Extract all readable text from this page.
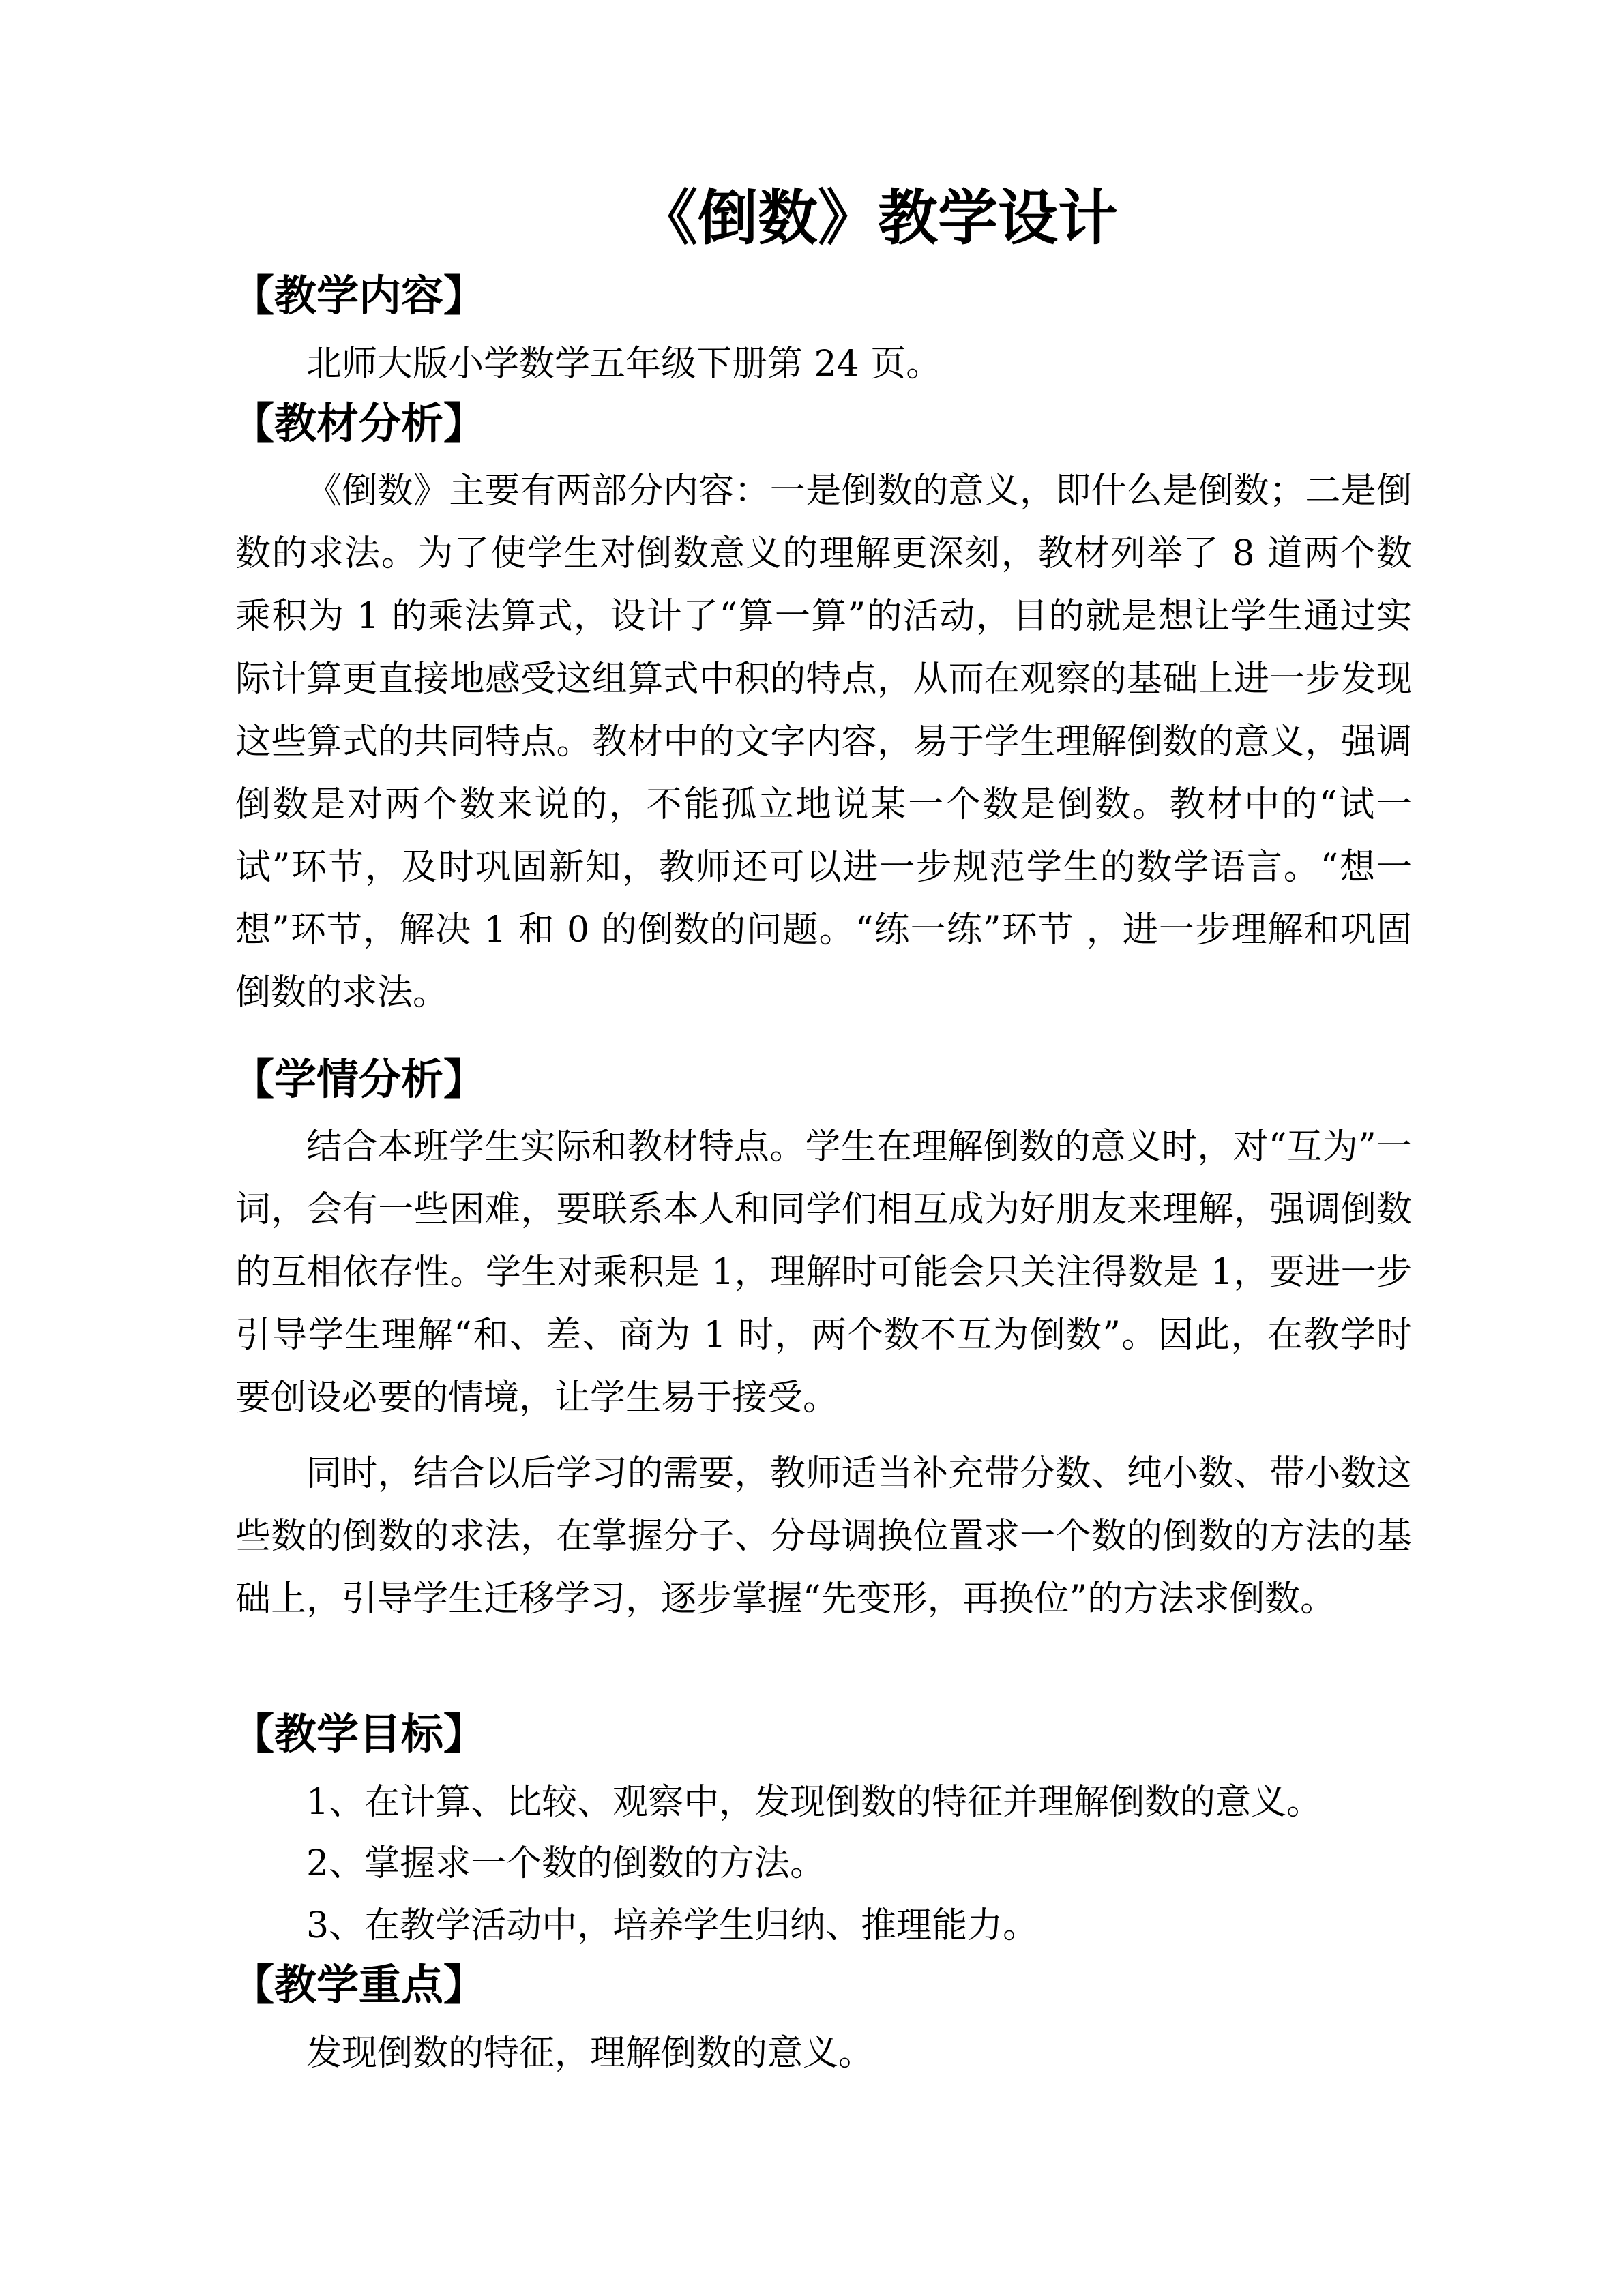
《倒数》教学设计
【教学内容】
北师大版小学数学五年级下册第 24 页。
【教材分析】
《倒数》主要有两部分内容：一是倒数的意义，即什么是倒数；二是倒数的求法。为了使学生对倒数意义的理解更深刻，教材列举了 8 道两个数乘积为 1 的乘法算式，设计了“算一算”的活动，目的就是想让学生通过实际计算更直接地感受这组算式中积的特点，从而在观察的基础上进一步发现这些算式的共同特点。教材中的文字内容，易于学生理解倒数的意义，强调倒数是对两个数来说的，不能孤立地说某一个数是倒数。教材中的“试一试”环节，及时巩固新知，教师还可以进一步规范学生的数学语言。“想一想”环节，解决 1 和 0 的倒数的问题。“练一练”环节 ，进一步理解和巩固倒数的求法。
【学情分析】
结合本班学生实际和教材特点。学生在理解倒数的意义时，对“互为”一词，会有一些困难，要联系本人和同学们相互成为好朋友来理解，强调倒数的互相依存性。学生对乘积是 1，理解时可能会只关注得数是 1，要进一步引导学生理解“和、差、商为 1 时，两个数不互为倒数”。因此，在教学时要创设必要的情境，让学生易于接受。
同时，结合以后学习的需要，教师适当补充带分数、纯小数、带小数这些数的倒数的求法，在掌握分子、分母调换位置求一个数的倒数的方法的基础上，引导学生迁移学习，逐步掌握“先变形，再换位”的方法求倒数。
【教学目标】
1、在计算、比较、观察中，发现倒数的特征并理解倒数的意义。
2、掌握求一个数的倒数的方法。
3、在教学活动中，培养学生归纳、推理能力。
【教学重点】
发现倒数的特征，理解倒数的意义。
